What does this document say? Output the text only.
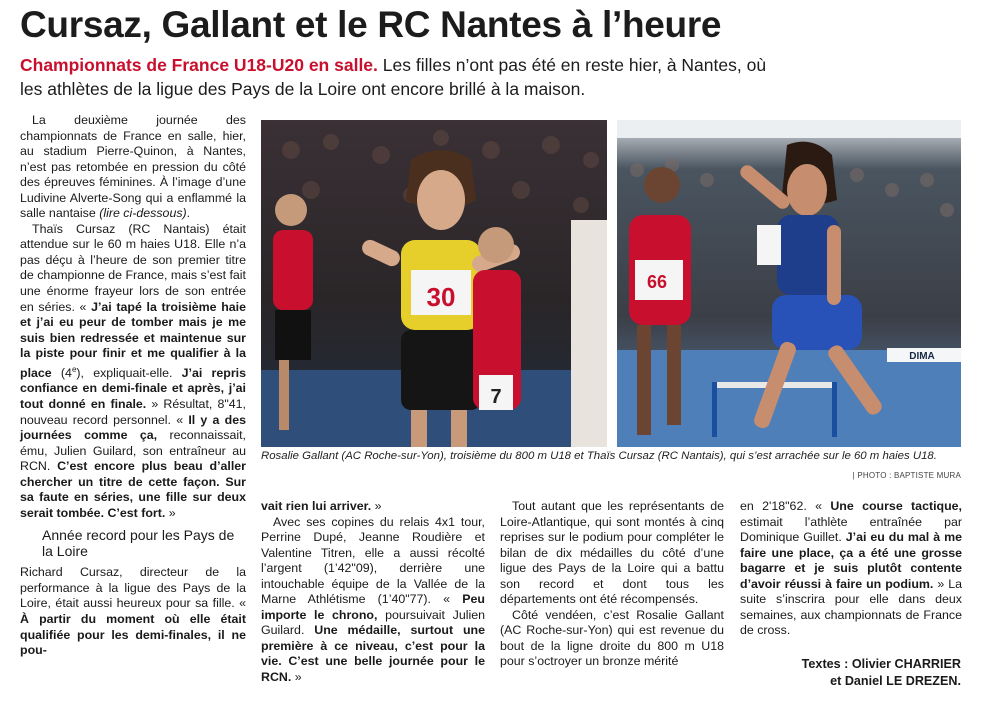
Cursaz, Gallant et le RC Nantes à l’heure
Championnats de France U18-U20 en salle. Les filles n’ont pas été en reste hier, à Nantes, où les athlètes de la ligue des Pays de la Loire ont encore brillé à la maison.

La deuxième journée des championnats de France en salle, hier, au stadium Pierre-Quinon, à Nantes, n’est pas retombée en pression du côté des épreuves féminines. À l’image d’une Ludivine Alverte-Song qui a enflammé la salle nantaise (lire ci-dessous).

Thaïs Cursaz (RC Nantais) était attendue sur le 60 m haies U18. Elle n’a pas déçu à l’heure de son premier titre de championne de France, mais s’est fait une énorme frayeur lors de son entrée en séries. « J’ai tapé la troisième haie et j’ai eu peur de tomber mais je me suis bien redressée et maintenue sur la piste pour finir et me qualifier à la place (4e), expliquait-elle. J’ai repris confiance en demi-finale et après, j’ai tout donné en finale. » Résultat, 8"41, nouveau record personnel. « Il y a des journées comme ça, reconnaissait, ému, Julien Guilard, son entraîneur au RCN. C’est encore plus beau d’aller chercher un titre de cette façon. Sur sa faute en séries, une fille sur deux serait tombée. C’est fort. »

Année record pour les Pays de la Loire

Richard Cursaz, directeur de la performance à la ligue des Pays de la Loire, était aussi heureux pour sa fille. « À partir du moment où elle était qualifiée pour les demi-finales, il ne pou-

30
7
DIMA
66
Rosalie Gallant (AC Roche-sur-Yon), troisième du 800 m U18 et Thaïs Cursaz (RC Nantais), qui s’est arrachée sur le 60 m haies U18.
| PHOTO : BAPTISTE MURA

vait rien lui arriver. »

Avec ses copines du relais 4x1 tour, Perrine Dupé, Jeanne Roudière et Valentine Titren, elle a aussi récolté l’argent (1’42"09), derrière une intouchable équipe de la Vallée de la Marne Athlétisme (1’40"77). « Peu importe le chrono, poursuivait Julien Guilard. Une médaille, surtout une première à ce niveau, c’est pour la vie. C’est une belle journée pour le RCN. »

Tout autant que les représentants de Loire-Atlantique, qui sont montés à cinq reprises sur le podium pour compléter le bilan de dix médailles du côté d’une ligue des Pays de la Loire qui a battu son record et dont tous les départements ont été récompensés.

Côté vendéen, c’est Rosalie Gallant (AC Roche-sur-Yon) qui est revenue du bout de la ligne droite du 800 m U18 pour s’octroyer un bronze mérité

en 2'18"62. « Une course tactique, estimait l’athlète entraînée par Dominique Guillet. J’ai eu du mal à me faire une place, ça a été une grosse bagarre et je suis plutôt contente d’avoir réussi à faire un podium. » La suite s’inscrira pour elle dans deux semaines, aux championnats de France de cross.

Textes : Olivier CHARRIER
et Daniel LE DREZEN.
